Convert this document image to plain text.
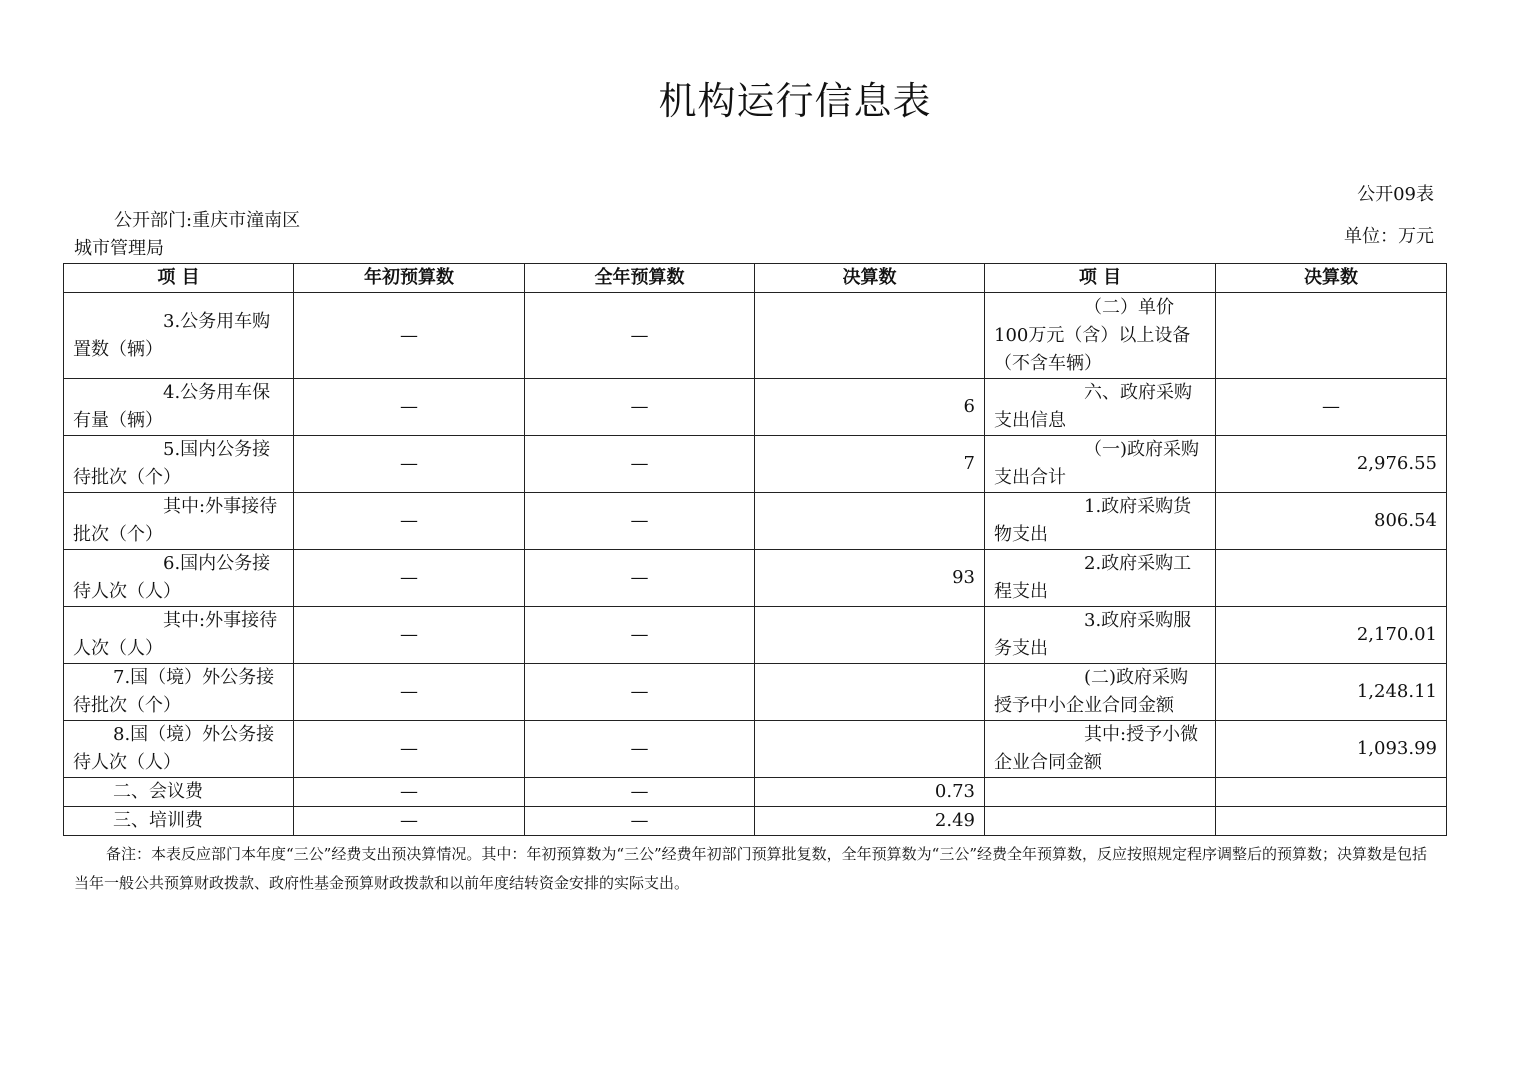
机构运行信息表
公开09表
公开部门:重庆市潼南区城市管理局
单位：万元
项 目	年初预算数	全年预算数	决算数	项 目	决算数
3.公务用车购置数（辆）	—	—		（二）单价100万元（含）以上设备（不含车辆）	
4.公务用车保有量（辆）	—	—	6	六、政府采购支出信息	—
5.国内公务接待批次（个）	—	—	7	（一)政府采购支出合计	2,976.55
其中:外事接待批次（个）	—	—		1.政府采购货物支出	806.54
6.国内公务接待人次（人）	—	—	93	2.政府采购工程支出	
其中:外事接待人次（人）	—	—		3.政府采购服务支出	2,170.01
7.国（境）外公务接待批次（个）	—	—		(二)政府采购授予中小企业合同金额	1,248.11
8.国（境）外公务接待人次（人）	—	—		其中:授予小微企业合同金额	1,093.99
二、会议费	—	—	0.73		
三、培训费	—	—	2.49		
备注：本表反应部门本年度“三公”经费支出预决算情况。其中：年初预算数为“三公”经费年初部门预算批复数，全年预算数为“三公”经费全年预算数，反应按照规定程序调整后的预算数；决算数是包括当年一般公共预算财政拨款、政府性基金预算财政拨款和以前年度结转资金安排的实际支出。
